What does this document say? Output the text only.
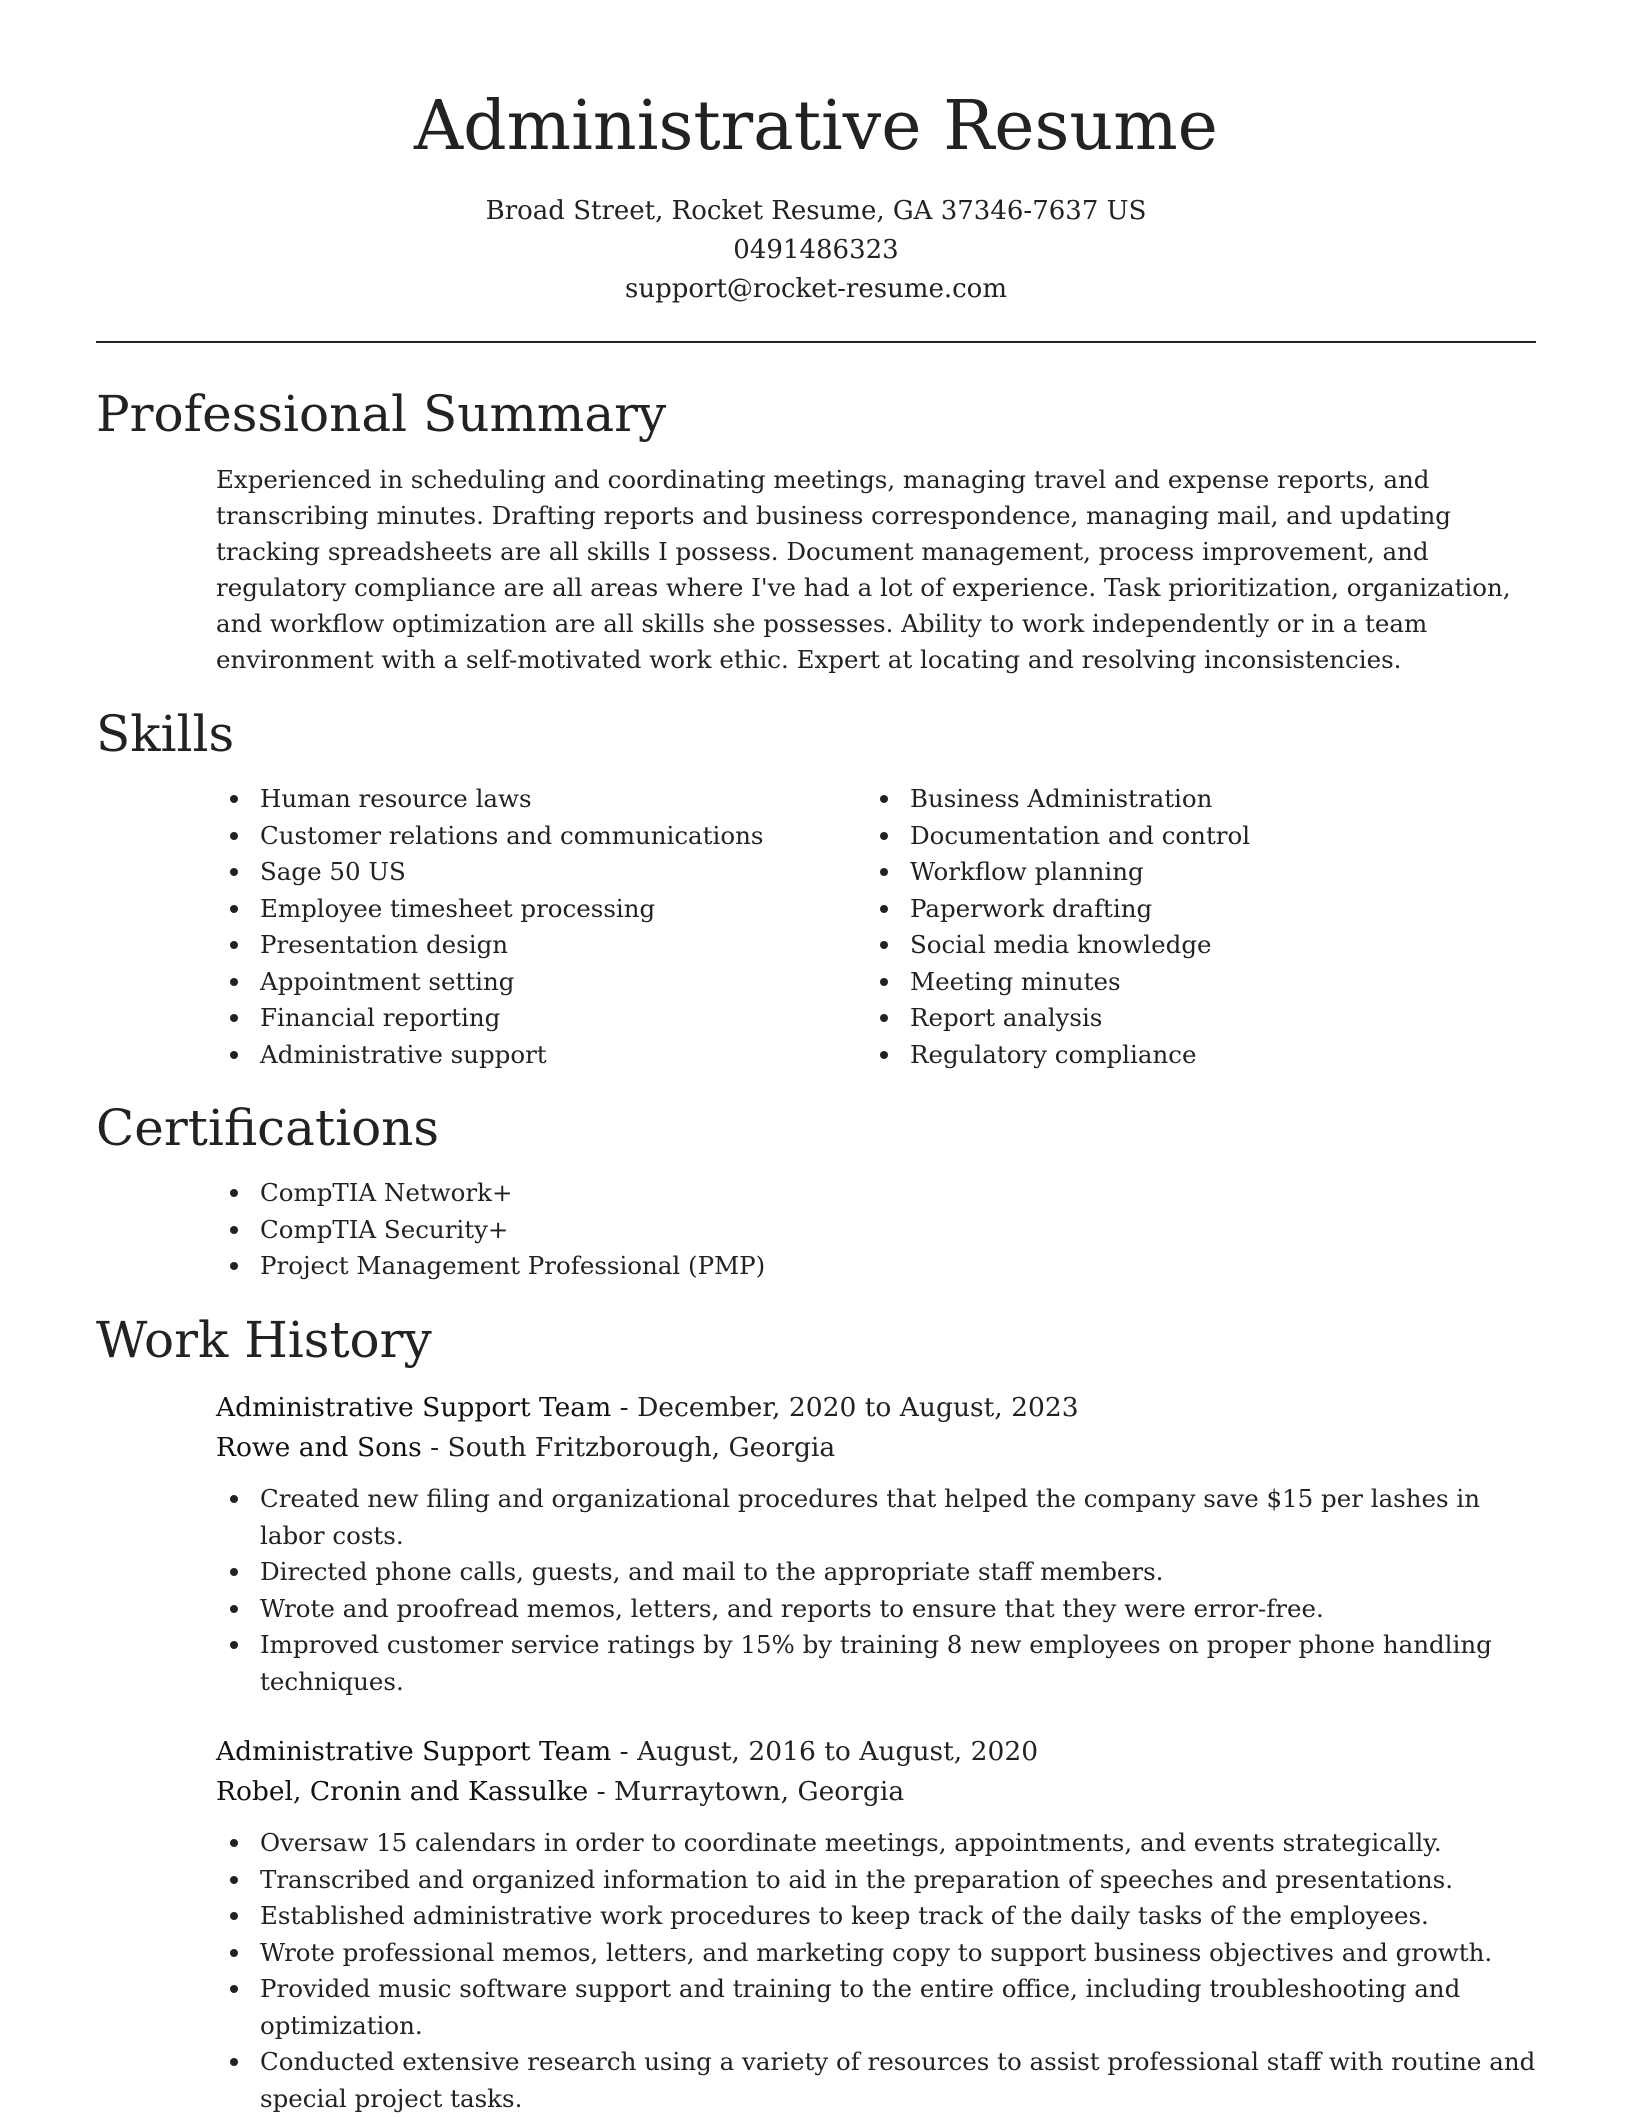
Administrative Resume
Broad Street, Rocket Resume, GA 37346-7637 US
0491486323
support@rocket-resume.com
Professional Summary

Experienced in scheduling and coordinating meetings, managing travel and expense reports, and transcribing minutes. Drafting reports and business correspondence, managing mail, and updating tracking spreadsheets are all skills I possess. Document management, process improvement, and regulatory compliance are all areas where I've had a lot of experience. Task prioritization, organization, and workflow optimization are all skills she possesses. Ability to work independently or in a team environment with a self-motivated work ethic. Expert at locating and resolving inconsistencies.

Skills
Human resource laws
Customer relations and communications
Sage 50 US
Employee timesheet processing
Presentation design
Appointment setting
Financial reporting
Administrative support
Business Administration
Documentation and control
Workflow planning
Paperwork drafting
Social media knowledge
Meeting minutes
Report analysis
Regulatory compliance
Certifications
CompTIA Network+
CompTIA Security+
Project Management Professional (PMP)
Work History
Administrative Support Team - December, 2020 to August, 2023
Rowe and Sons - South Fritzborough, Georgia
Created new filing and organizational procedures that helped the company save $15 per lashes in labor costs.
Directed phone calls, guests, and mail to the appropriate staff members.
Wrote and proofread memos, letters, and reports to ensure that they were error-free.
Improved customer service ratings by 15% by training 8 new employees on proper phone handling techniques.
Administrative Support Team - August, 2016 to August, 2020
Robel, Cronin and Kassulke - Murraytown, Georgia
Oversaw 15 calendars in order to coordinate meetings, appointments, and events strategically.
Transcribed and organized information to aid in the preparation of speeches and presentations.
Established administrative work procedures to keep track of the daily tasks of the employees.
Wrote professional memos, letters, and marketing copy to support business objectives and growth.
Provided music software support and training to the entire office, including troubleshooting and optimization.
Conducted extensive research using a variety of resources to assist professional staff with routine and special project tasks.
